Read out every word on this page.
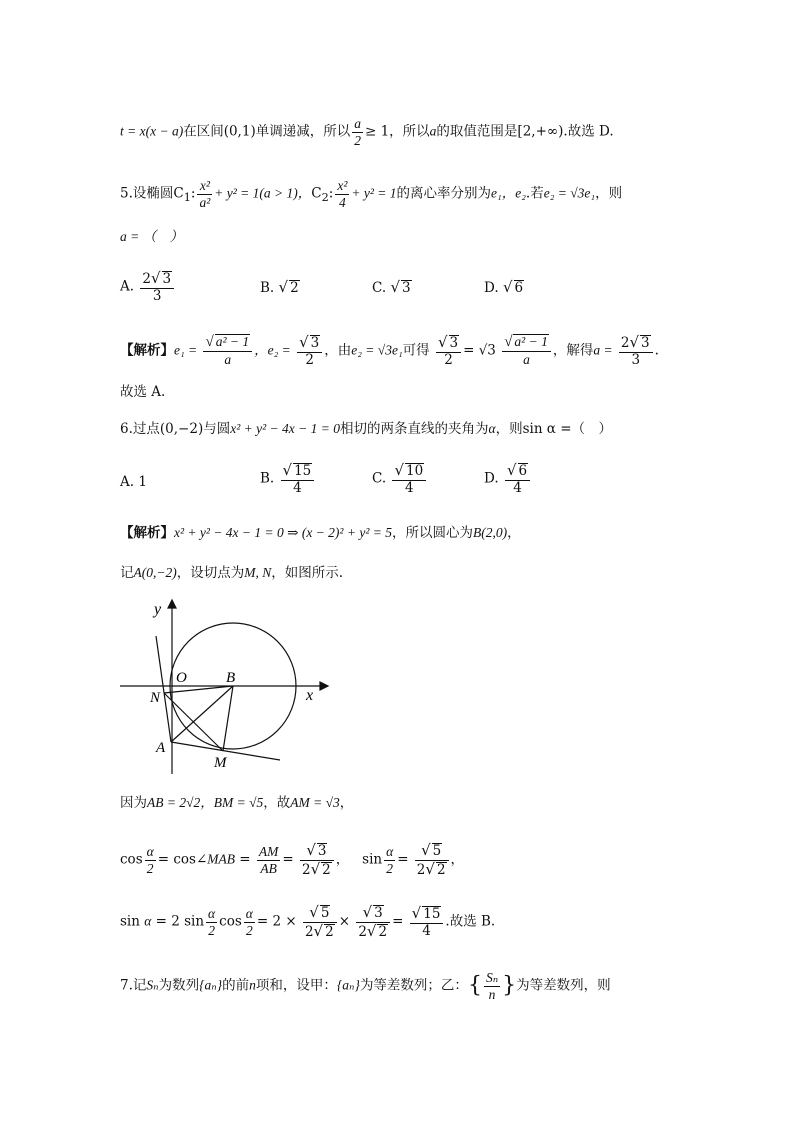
t = x(x − a)在区间(0,1)单调递减，所以 $\frac{a}{2} \ge 1$，所以a的取值范围是[2,+∞).故选 D.
5.设椭圆$C_1$: $\frac{\text{x²}}{\text{a²}} + y^2 = 1(a > 1)$，$C_2$: $\frac{\text{x²}}{4} + y^2 = 1$的离心率分别为e₁，e₂.若e₂ = √3e₁，则
a = （　）
A. $\frac{2√ 3}{3}$	B. √ 2	C. √ 3	D. √ 6
【解析】$e_1 = \frac{\text{√ a² − 1}}{a}$ ，$e_2 = \frac{√ 3}{2}$ ，由e₂ = √3e₁可得 $\frac{√ 3}{2} = √3 \frac{\text{√ a² − 1}}{a}$ ，解得$a = \frac{2√ 3}{3}$ .
故选 A.
6.过点(0,−2)与圆x² + y² − 4x − 1 = 0相切的两条直线的夹角为α，则sin α =（　）
A. 1	B. $\frac{√ 15}{4}$	C. $\frac{√ 10}{4}$	D. $\frac{√ 6}{4}$
【解析】x² + y² − 4x − 1 = 0 ⇒ (x − 2)² + y² = 5，所以圆心为B(2,0)，
记A(0,−2)，设切点为M, N，如图所示.
y
x
O	B
N
A
M
因为AB = 2√2，BM = √5，故AM = √3，
$\cos \frac{\alpha}{2}$ = cos∠MAB = $\frac{AM}{AB} = \frac{√ 3}{2√ 2}$ ，   $\sin \frac{\alpha}{2} = \frac{√ 5}{2√ 2}$ ，
sin α = 2 $\sin \frac{\alpha}{2}$ $\cos \frac{\alpha}{2} = 2 \times \frac{√ 5}{2√ 2} \times \frac{√ 3}{2√ 2} = \frac{√ 15}{4}$ .故选 B.
7.记Sₙ为数列{aₙ}的前n项和，设甲：{aₙ}为等差数列；乙：{ $\frac{\text{Sₙ}}{n}$ }为等差数列，则
